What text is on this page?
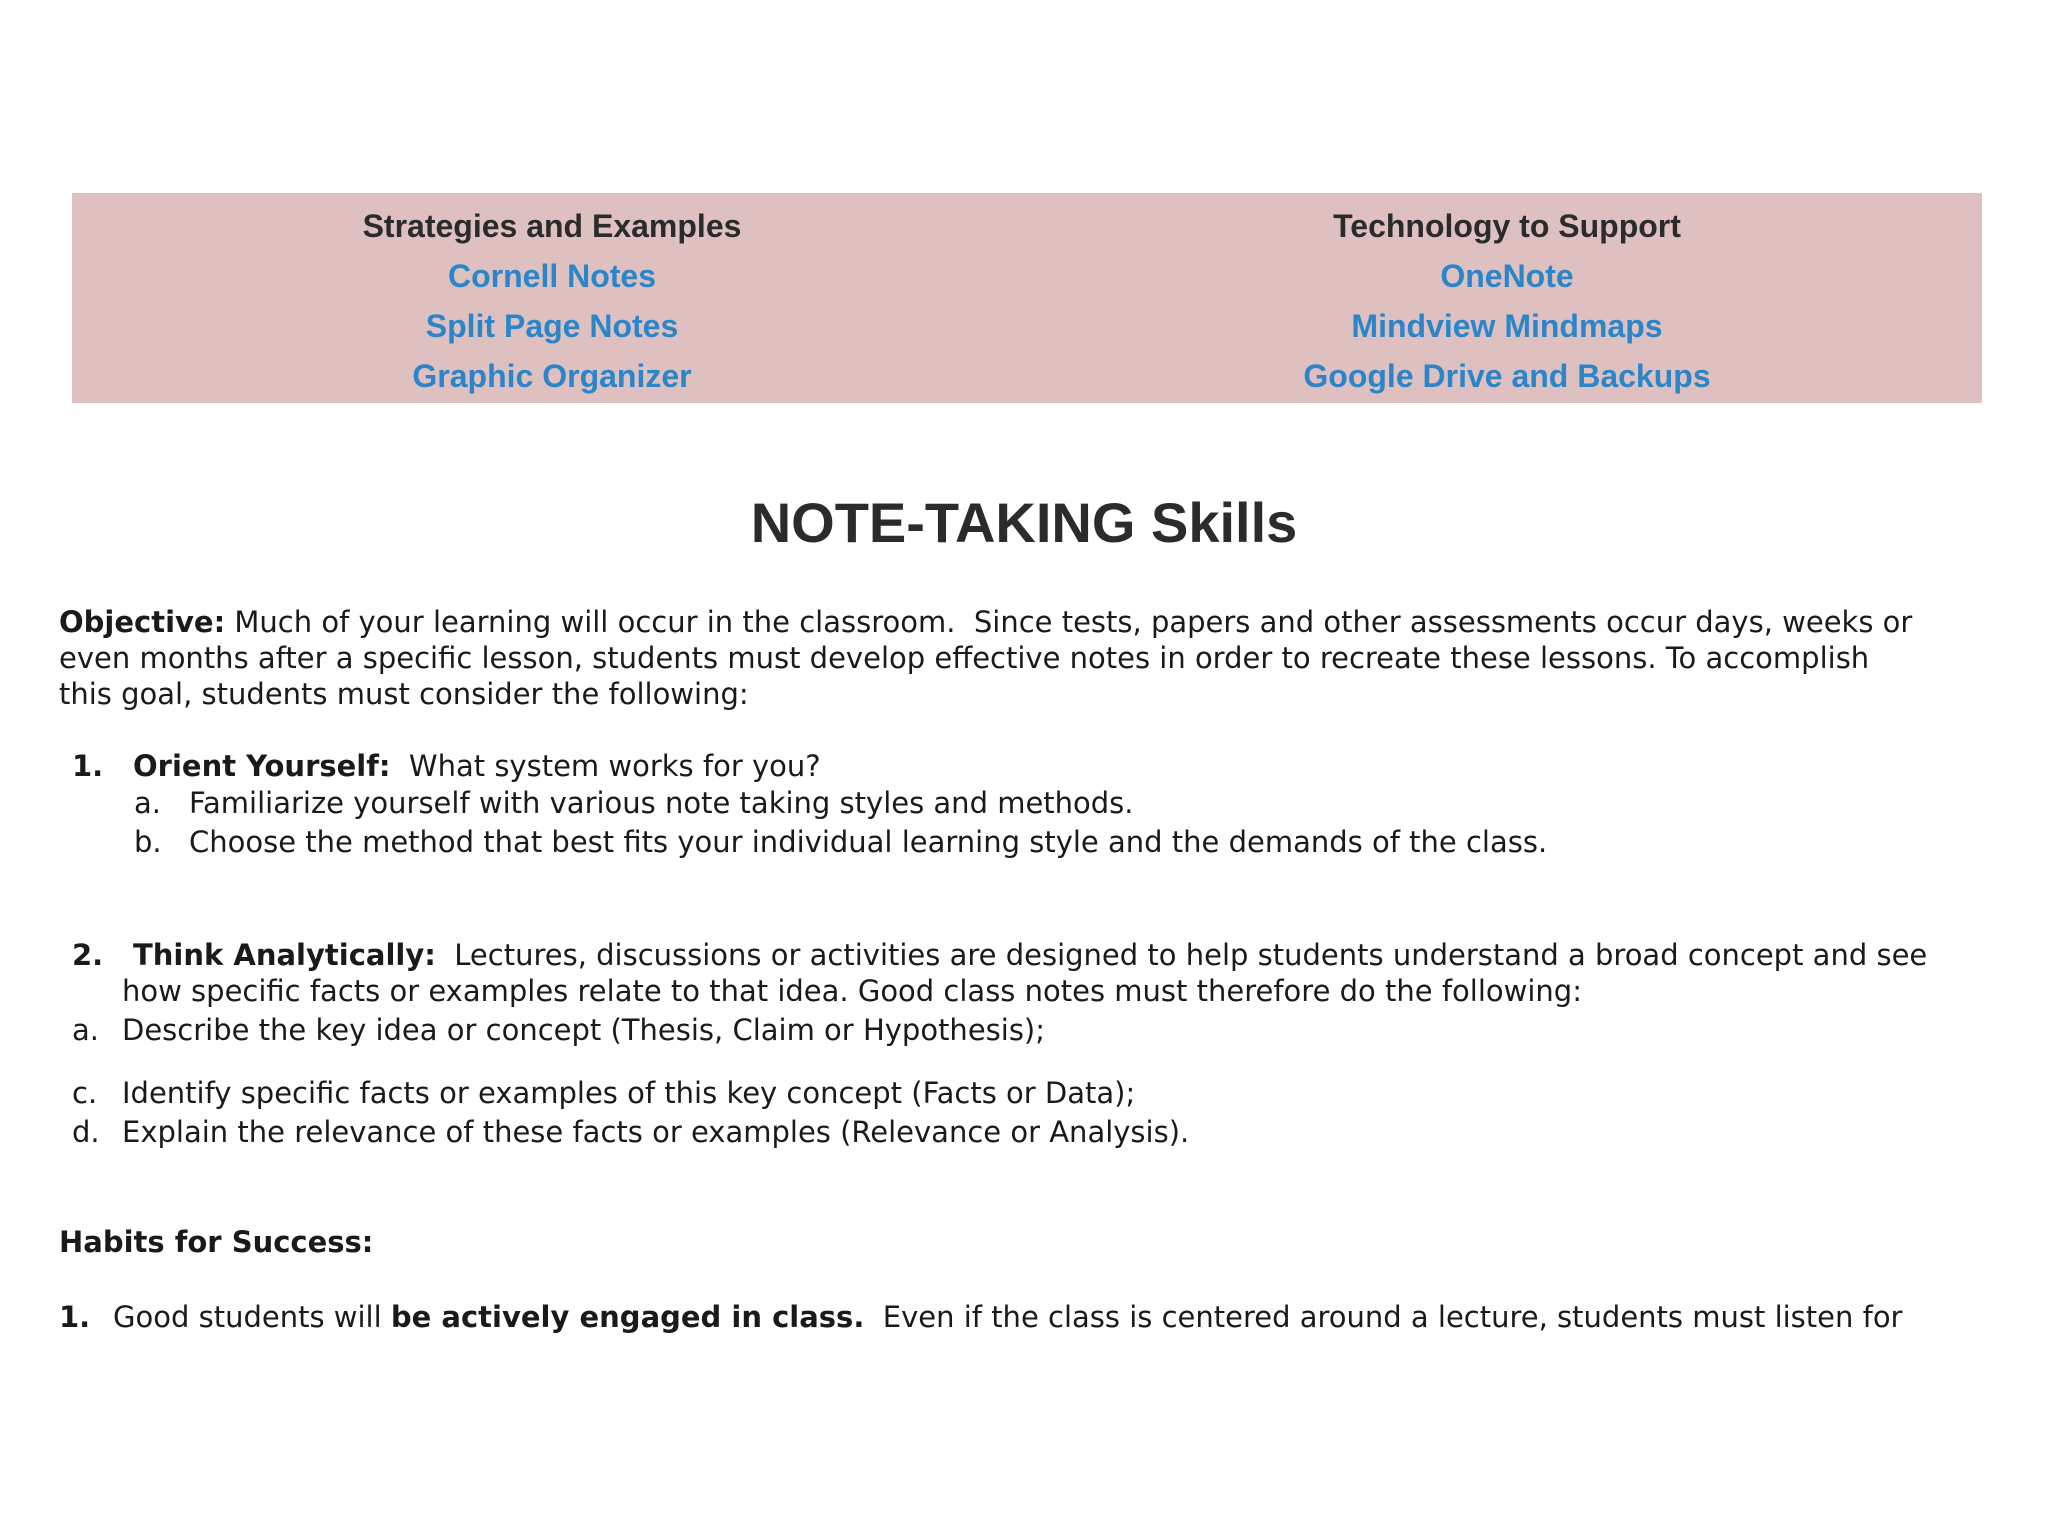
Strategies and Examples
Cornell Notes
Split Page Notes
Graphic Organizer
Technology to Support
OneNote
Mindview Mindmaps
Google Drive and Backups
NOTE-TAKING Skills
Objective: Much of your learning will occur in the classroom.  Since tests, papers and other assessments occur days, weeks or
even months after a specific lesson, students must develop effective notes in order to recreate these lessons. To accomplish
this goal, students must consider the following:
1. Orient Yourself:  What system works for you?
a. Familiarize yourself with various note taking styles and methods.
b. Choose the method that best fits your individual learning style and the demands of the class.
2. Think Analytically:  Lectures, discussions or activities are designed to help students understand a broad concept and see
how specific facts or examples relate to that idea. Good class notes must therefore do the following:
a. Describe the key idea or concept (Thesis, Claim or Hypothesis);
c. Identify specific facts or examples of this key concept (Facts or Data);
d. Explain the relevance of these facts or examples (Relevance or Analysis).
Habits for Success:
1. Good students will be actively engaged in class.  Even if the class is centered around a lecture, students must listen for
